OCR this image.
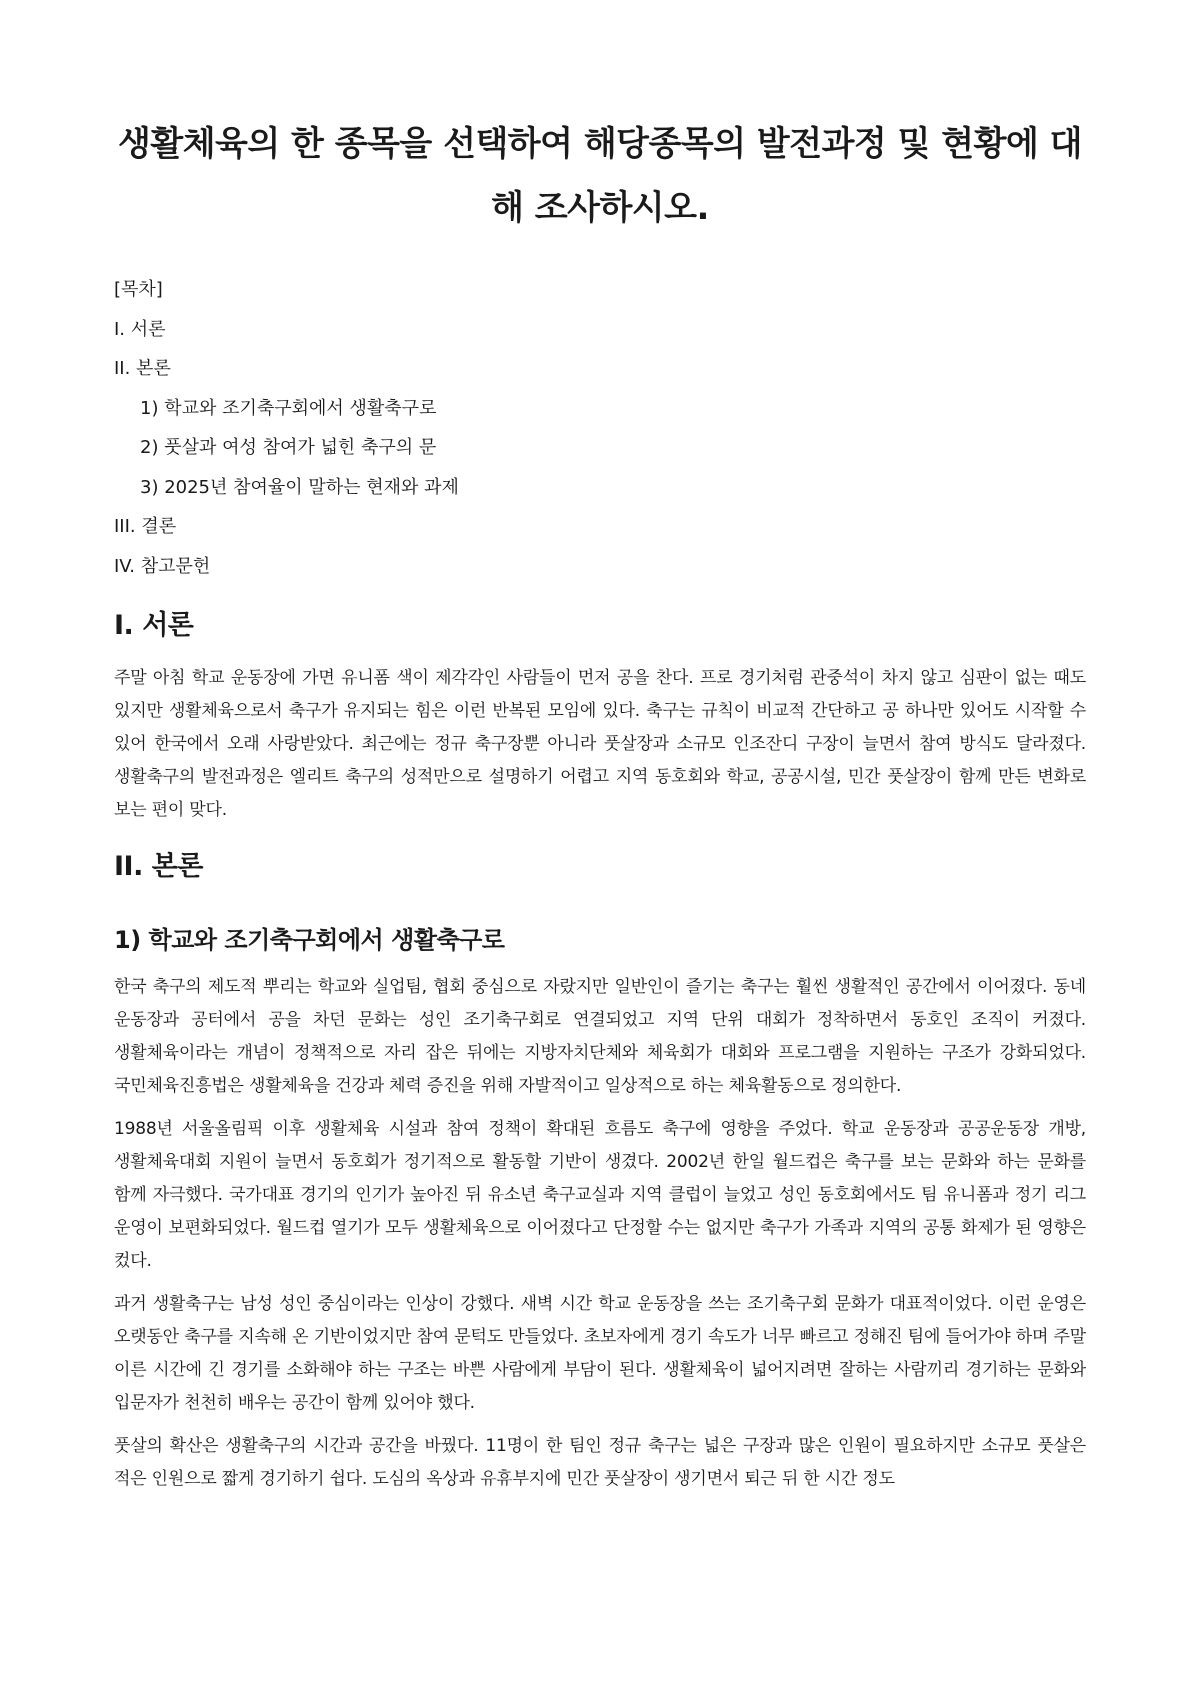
생활체육의 한 종목을 선택하여 해당종목의 발전과정 및 현황에 대해 조사하시오.
[목차]
I. 서론
II. 본론
1) 학교와 조기축구회에서 생활축구로
2) 풋살과 여성 참여가 넓힌 축구의 문
3) 2025년 참여율이 말하는 현재와 과제
III. 결론
IV. 참고문헌
I. 서론

주말 아침 학교 운동장에 가면 유니폼 색이 제각각인 사람들이 먼저 공을 찬다. 프로 경기처럼 관중석이 차지 않고 심판이 없는 때도 있지만 생활체육으로서 축구가 유지되는 힘은 이런 반복된 모임에 있다. 축구는 규칙이 비교적 간단하고 공 하나만 있어도 시작할 수 있어 한국에서 오래 사랑받았다. 최근에는 정규 축구장뿐 아니라 풋살장과 소규모 인조잔디 구장이 늘면서 참여 방식도 달라졌다. 생활축구의 발전과정은 엘리트 축구의 성적만으로 설명하기 어렵고 지역 동호회와 학교, 공공시설, 민간 풋살장이 함께 만든 변화로 보는 편이 맞다.

II. 본론
1) 학교와 조기축구회에서 생활축구로

한국 축구의 제도적 뿌리는 학교와 실업팀, 협회 중심으로 자랐지만 일반인이 즐기는 축구는 훨씬 생활적인 공간에서 이어졌다. 동네 운동장과 공터에서 공을 차던 문화는 성인 조기축구회로 연결되었고 지역 단위 대회가 정착하면서 동호인 조직이 커졌다. 생활체육이라는 개념이 정책적으로 자리 잡은 뒤에는 지방자치단체와 체육회가 대회와 프로그램을 지원하는 구조가 강화되었다. 국민체육진흥법은 생활체육을 건강과 체력 증진을 위해 자발적이고 일상적으로 하는 체육활동으로 정의한다.

1988년 서울올림픽 이후 생활체육 시설과 참여 정책이 확대된 흐름도 축구에 영향을 주었다. 학교 운동장과 공공운동장 개방, 생활체육대회 지원이 늘면서 동호회가 정기적으로 활동할 기반이 생겼다. 2002년 한일 월드컵은 축구를 보는 문화와 하는 문화를 함께 자극했다. 국가대표 경기의 인기가 높아진 뒤 유소년 축구교실과 지역 클럽이 늘었고 성인 동호회에서도 팀 유니폼과 정기 리그 운영이 보편화되었다. 월드컵 열기가 모두 생활체육으로 이어졌다고 단정할 수는 없지만 축구가 가족과 지역의 공통 화제가 된 영향은 컸다.

과거 생활축구는 남성 성인 중심이라는 인상이 강했다. 새벽 시간 학교 운동장을 쓰는 조기축구회 문화가 대표적이었다. 이런 운영은 오랫동안 축구를 지속해 온 기반이었지만 참여 문턱도 만들었다. 초보자에게 경기 속도가 너무 빠르고 정해진 팀에 들어가야 하며 주말 이른 시간에 긴 경기를 소화해야 하는 구조는 바쁜 사람에게 부담이 된다. 생활체육이 넓어지려면 잘하는 사람끼리 경기하는 문화와 입문자가 천천히 배우는 공간이 함께 있어야 했다.

풋살의 확산은 생활축구의 시간과 공간을 바꿨다. 11명이 한 팀인 정규 축구는 넓은 구장과 많은 인원이 필요하지만 소규모 풋살은 적은 인원으로 짧게 경기하기 쉽다. 도심의 옥상과 유휴부지에 민간 풋살장이 생기면서 퇴근 뒤 한 시간 정도
